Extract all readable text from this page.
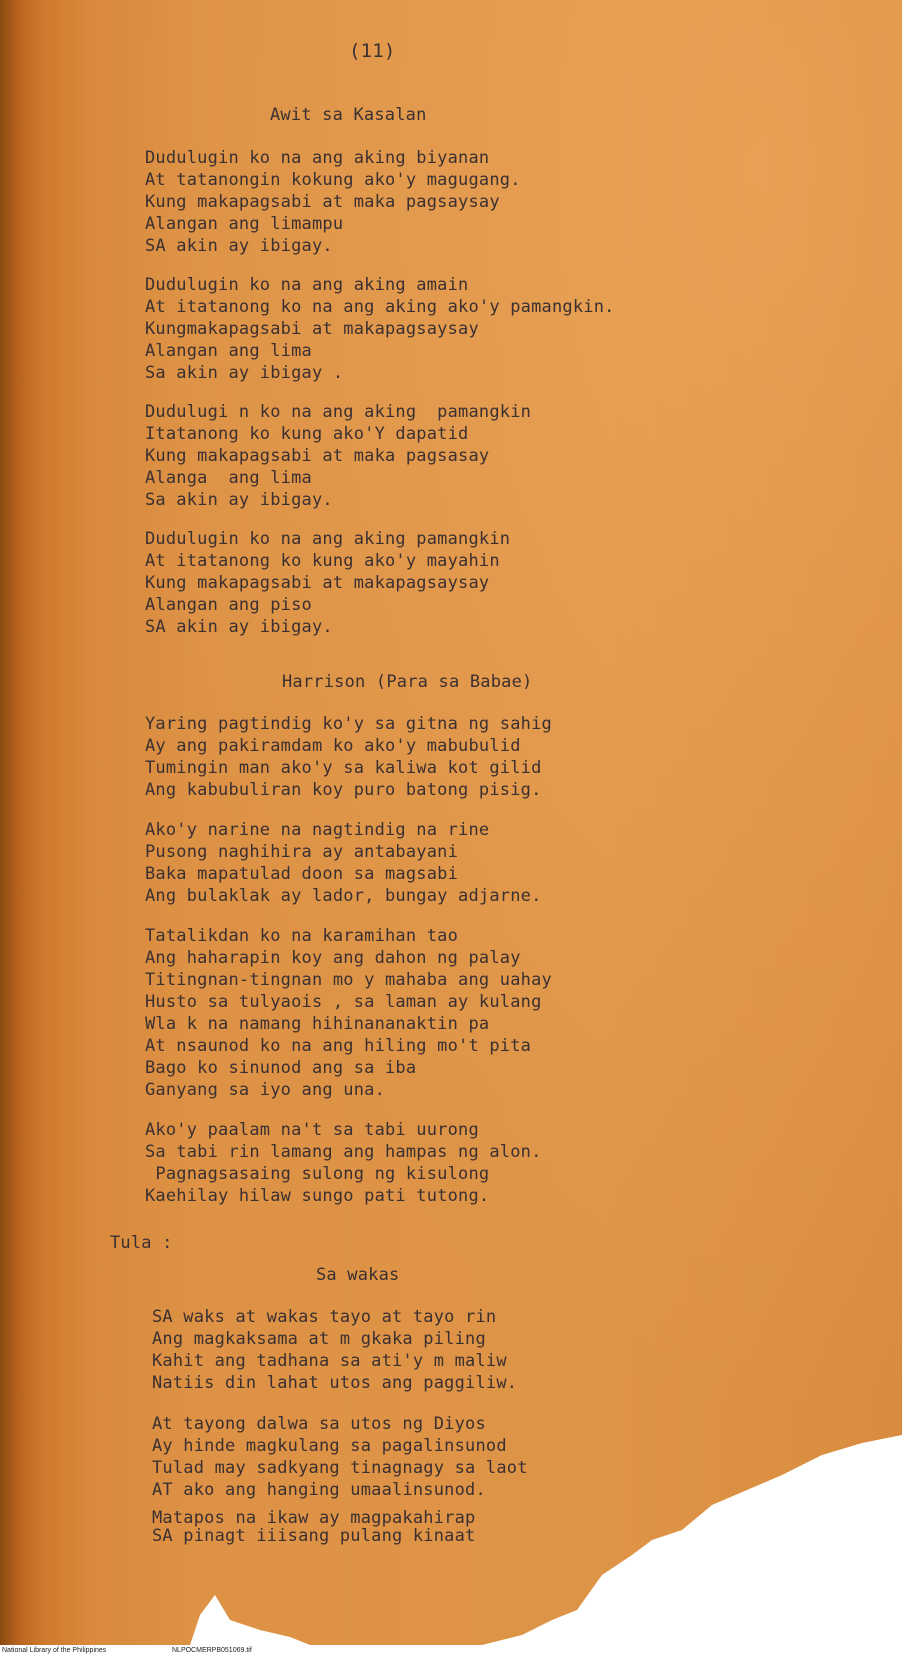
(11)
Awit sa Kasalan
Dudulugin ko na ang aking biyanan
At tatanongin kokung ako'y magugang.
Kung makapagsabi at maka pagsaysay
Alangan ang limampu
SA akin ay ibigay.
Dudulugin ko na ang aking amain
At itatanong ko na ang aking ako'y pamangkin.
Kungmakapagsabi at makapagsaysay
Alangan ang lima
Sa akin ay ibigay .
Dudulugi n ko na ang aking  pamangkin
Itatanong ko kung ako'Y dapatid
Kung makapagsabi at maka pagsasay
Alanga  ang lima
Sa akin ay ibigay.
Dudulugin ko na ang aking pamangkin
At itatanong ko kung ako'y mayahin
Kung makapagsabi at makapagsaysay
Alangan ang piso
SA akin ay ibigay.
Harrison (Para sa Babae)
Yaring pagtindig ko'y sa gitna ng sahig
Ay ang pakiramdam ko ako'y mabubulid
Tumingin man ako'y sa kaliwa kot gilid
Ang kabubuliran koy puro batong pisig.
Ako'y narine na nagtindig na rine
Pusong naghihira ay antabayani
Baka mapatulad doon sa magsabi
Ang bulaklak ay lador, bungay adjarne.
Tatalikdan ko na karamihan tao
Ang haharapin koy ang dahon ng palay
Titingnan-tingnan mo y mahaba ang uahay
Husto sa tulyaois , sa laman ay kulang
Wla k na namang hihinananaktin pa
At nsaunod ko na ang hiling mo't pita
Bago ko sinunod ang sa iba
Ganyang sa iyo ang una.
Ako'y paalam na't sa tabi uurong
Sa tabi rin lamang ang hampas ng alon.
Pagnagsasaing sulong ng kisulong
Kaehilay hilaw sungo pati tutong.
Tula :
Sa wakas
SA waks at wakas tayo at tayo rin
Ang magkaksama at m gkaka piling
Kahit ang tadhana sa ati'y m maliw
Natiis din lahat utos ang paggiliw.
At tayong dalwa sa utos ng Diyos
Ay hinde magkulang sa pagalinsunod
Tulad may sadkyang tinagnagy sa laot
AT ako ang hanging umaalinsunod.
Matapos na ikaw ay magpakahirap
SA pinagt iiisang pulang kinaat

National Library of the Philippines

	NLPOCMERPB051069.tif
